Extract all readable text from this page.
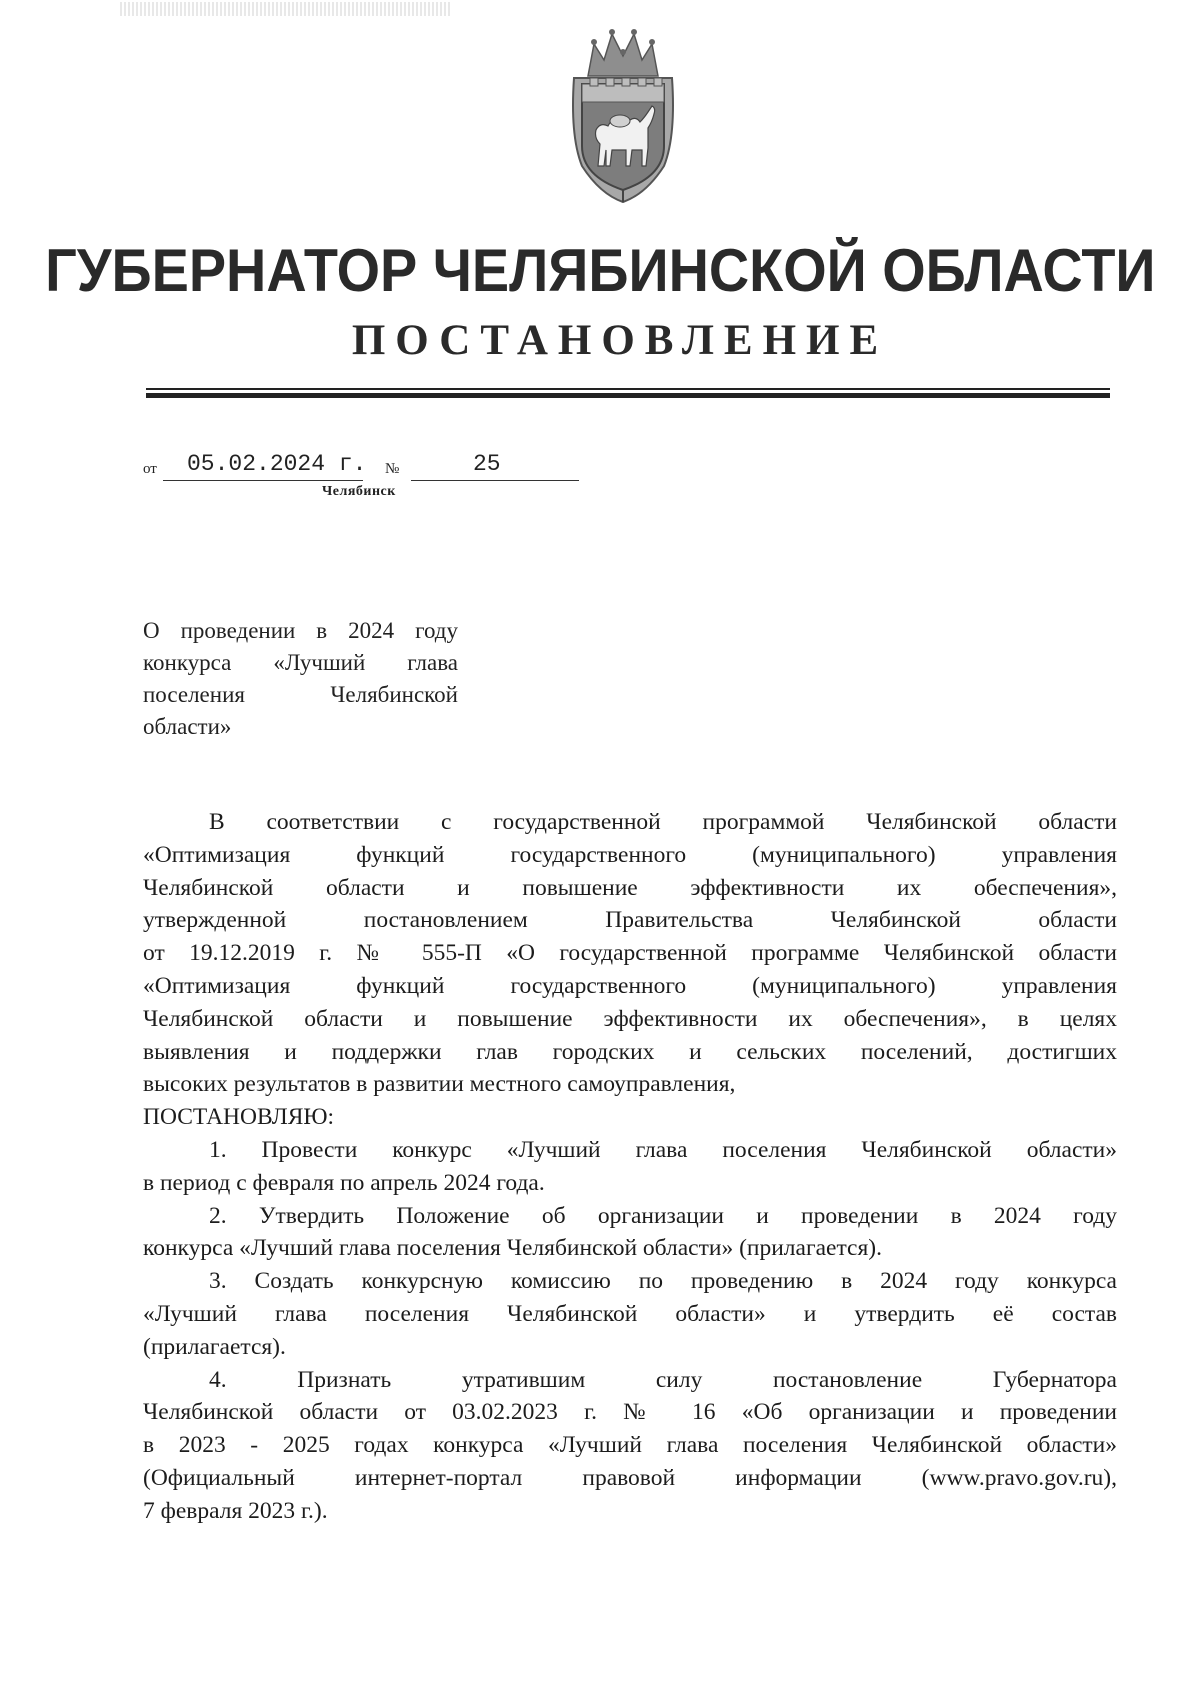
ГУБЕРНАТОР ЧЕЛЯБИНСКОЙ ОБЛАСТИ
ПОСТАНОВЛЕНИЕ
от 05.02.2024 г. №	25
Челябинск
О проведении в 2024 году
конкурса «Лучший глава
поселения Челябинской
области»
В соответствии с государственной программой Челябинской области
«Оптимизация функций государственного (муниципального) управления
Челябинской области и повышение эффективности их обеспечения»,
утвержденной постановлением Правительства Челябинской области
от 19.12.2019 г. № 555-П «О государственной программе Челябинской области
«Оптимизация функций государственного (муниципального) управления
Челябинской области и повышение эффективности их обеспечения», в целях
выявления и поддержки глав городских и сельских поселений, достигших
высоких результатов в развитии местного самоуправления,
ПОСТАНОВЛЯЮ:
1. Провести конкурс «Лучший глава поселения Челябинской области»
в период с февраля по апрель 2024 года.
2. Утвердить Положение об организации и проведении в 2024 году
конкурса «Лучший глава поселения Челябинской области» (прилагается).
3. Создать конкурсную комиссию по проведению в 2024 году конкурса
«Лучший глава поселения Челябинской области» и утвердить её состав
(прилагается).
4. Признать утратившим силу постановление Губернатора
Челябинской области от 03.02.2023 г. № 16 «Об организации и проведении
в 2023 - 2025 годах конкурса «Лучший глава поселения Челябинской области»
(Официальный интернет-портал правовой информации (www.pravo.gov.ru),
7 февраля 2023 г.).
